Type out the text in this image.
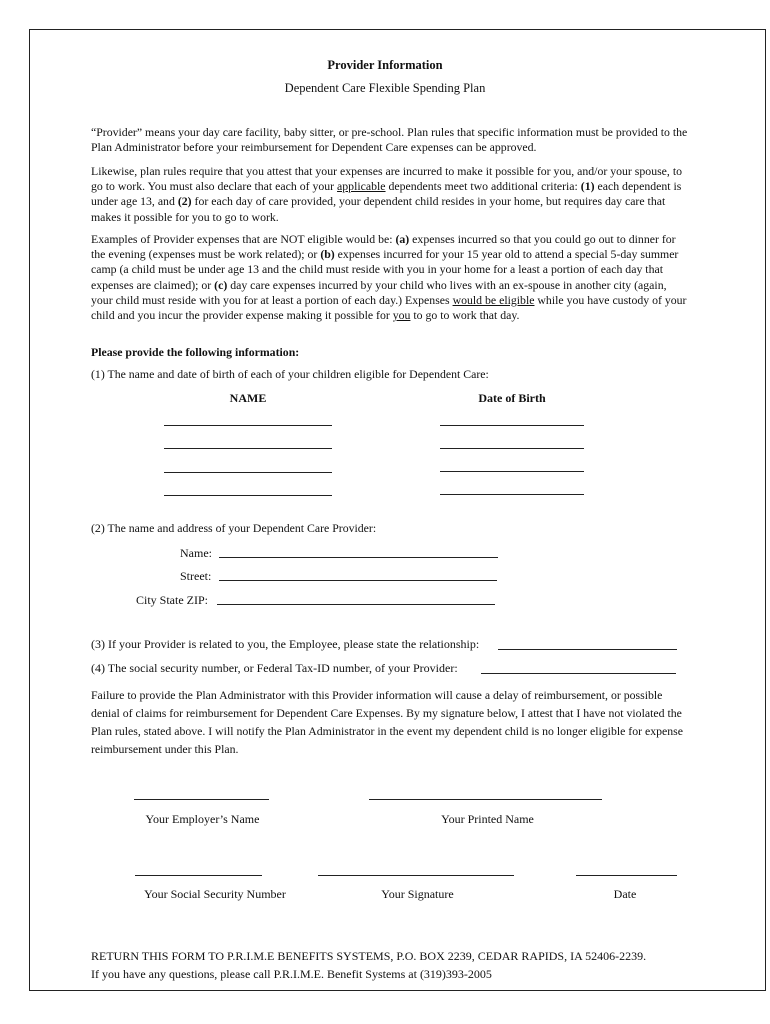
Provider Information

Dependent Care Flexible Spending Plan

“Provider” means your day care facility, baby sitter, or pre-school. Plan rules that specific information must be provided to the Plan Administrator before your reimbursement for Dependent Care expenses can be approved.

Likewise, plan rules require that you attest that your expenses are incurred to make it possible for you, and/or your spouse, to go to work. You must also declare that each of your applicable dependents meet two additional criteria: (1) each dependent is under age 13, and (2) for each day of care provided, your dependent child resides in your home, but requires day care that makes it possible for you to go to work.

Examples of Provider expenses that are NOT eligible would be: (a) expenses incurred so that you could go out to dinner for the evening (expenses must be work related); or (b) expenses incurred for your 15 year old to attend a special 5-day summer camp (a child must be under age 13 and the child must reside with you in your home for a least a portion of each day that expenses are claimed); or (c) day care expenses incurred by your child who lives with an ex-spouse in another city (again, your child must reside with you for at least a portion of each day.) Expenses would be eligible while you have custody of your child and you incur the provider expense making it possible for you to go to work that day.

Please provide the following information:

(1) The name and date of birth of each of your children eligible for Dependent Care:

NAME	Date of Birth

(2) The name and address of your Dependent Care Provider:

Name:

Street:

City State ZIP:

(3) If your Provider is related to you, the Employee, please state the relationship:

(4) The social security number, or Federal Tax-ID number, of your Provider:

Failure to provide the Plan Administrator with this Provider information will cause a delay of reimbursement, or possible denial of claims for reimbursement for Dependent Care Expenses. By my signature below, I attest that I have not violated the Plan rules, stated above. I will notify the Plan Administrator in the event my dependent child is no longer eligible for expense reimbursement under this Plan.

Your Employer’s Name	Your Printed Name

Your Social Security Number	Your Signature	Date

RETURN THIS FORM TO P.R.I.M.E BENEFITS SYSTEMS, P.O. BOX 2239, CEDAR RAPIDS, IA 52406-2239.

If you have any questions, please call P.R.I.M.E. Benefit Systems at (319)393-2005
